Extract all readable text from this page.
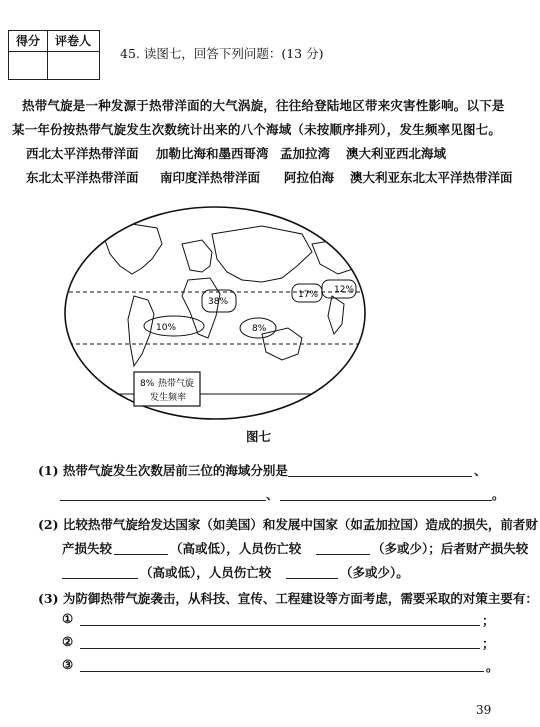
得分	评卷人
45. 读图七，回答下列问题：(13 分)
热带气旋是一种发源于热带洋面的大气涡旋，往往给登陆地区带来灾害性影响。以下是
某一年份按热带气旋发生次数统计出来的八个海域（未按顺序排列），发生频率见图七。
西北太平洋热带洋面 加勒比海和墨西哥湾 孟加拉湾 澳大利亚西北海域
东北太平洋热带洋面 南印度洋热带洋面 阿拉伯海 澳大利亚东北太平洋热带洋面
38%
17% 12%
10%	8%
8% 热带气旋
发生频率
图七
(1) 热带气旋发生次数居前三位的海域分别是	、
、	。
(2) 比较热带气旋给发达国家（如美国）和发展中国家（如孟加拉国）造成的损失，前者财
产损失较	（高或低），人员伤亡较	（多或少）；后者财产损失较
（高或低），人员伤亡较	（多或少）。
(3) 为防御热带气旋袭击，从科技、宣传、工程建设等方面考虑，需要采取的对策主要有：
①	；
②	；
③	。
39
